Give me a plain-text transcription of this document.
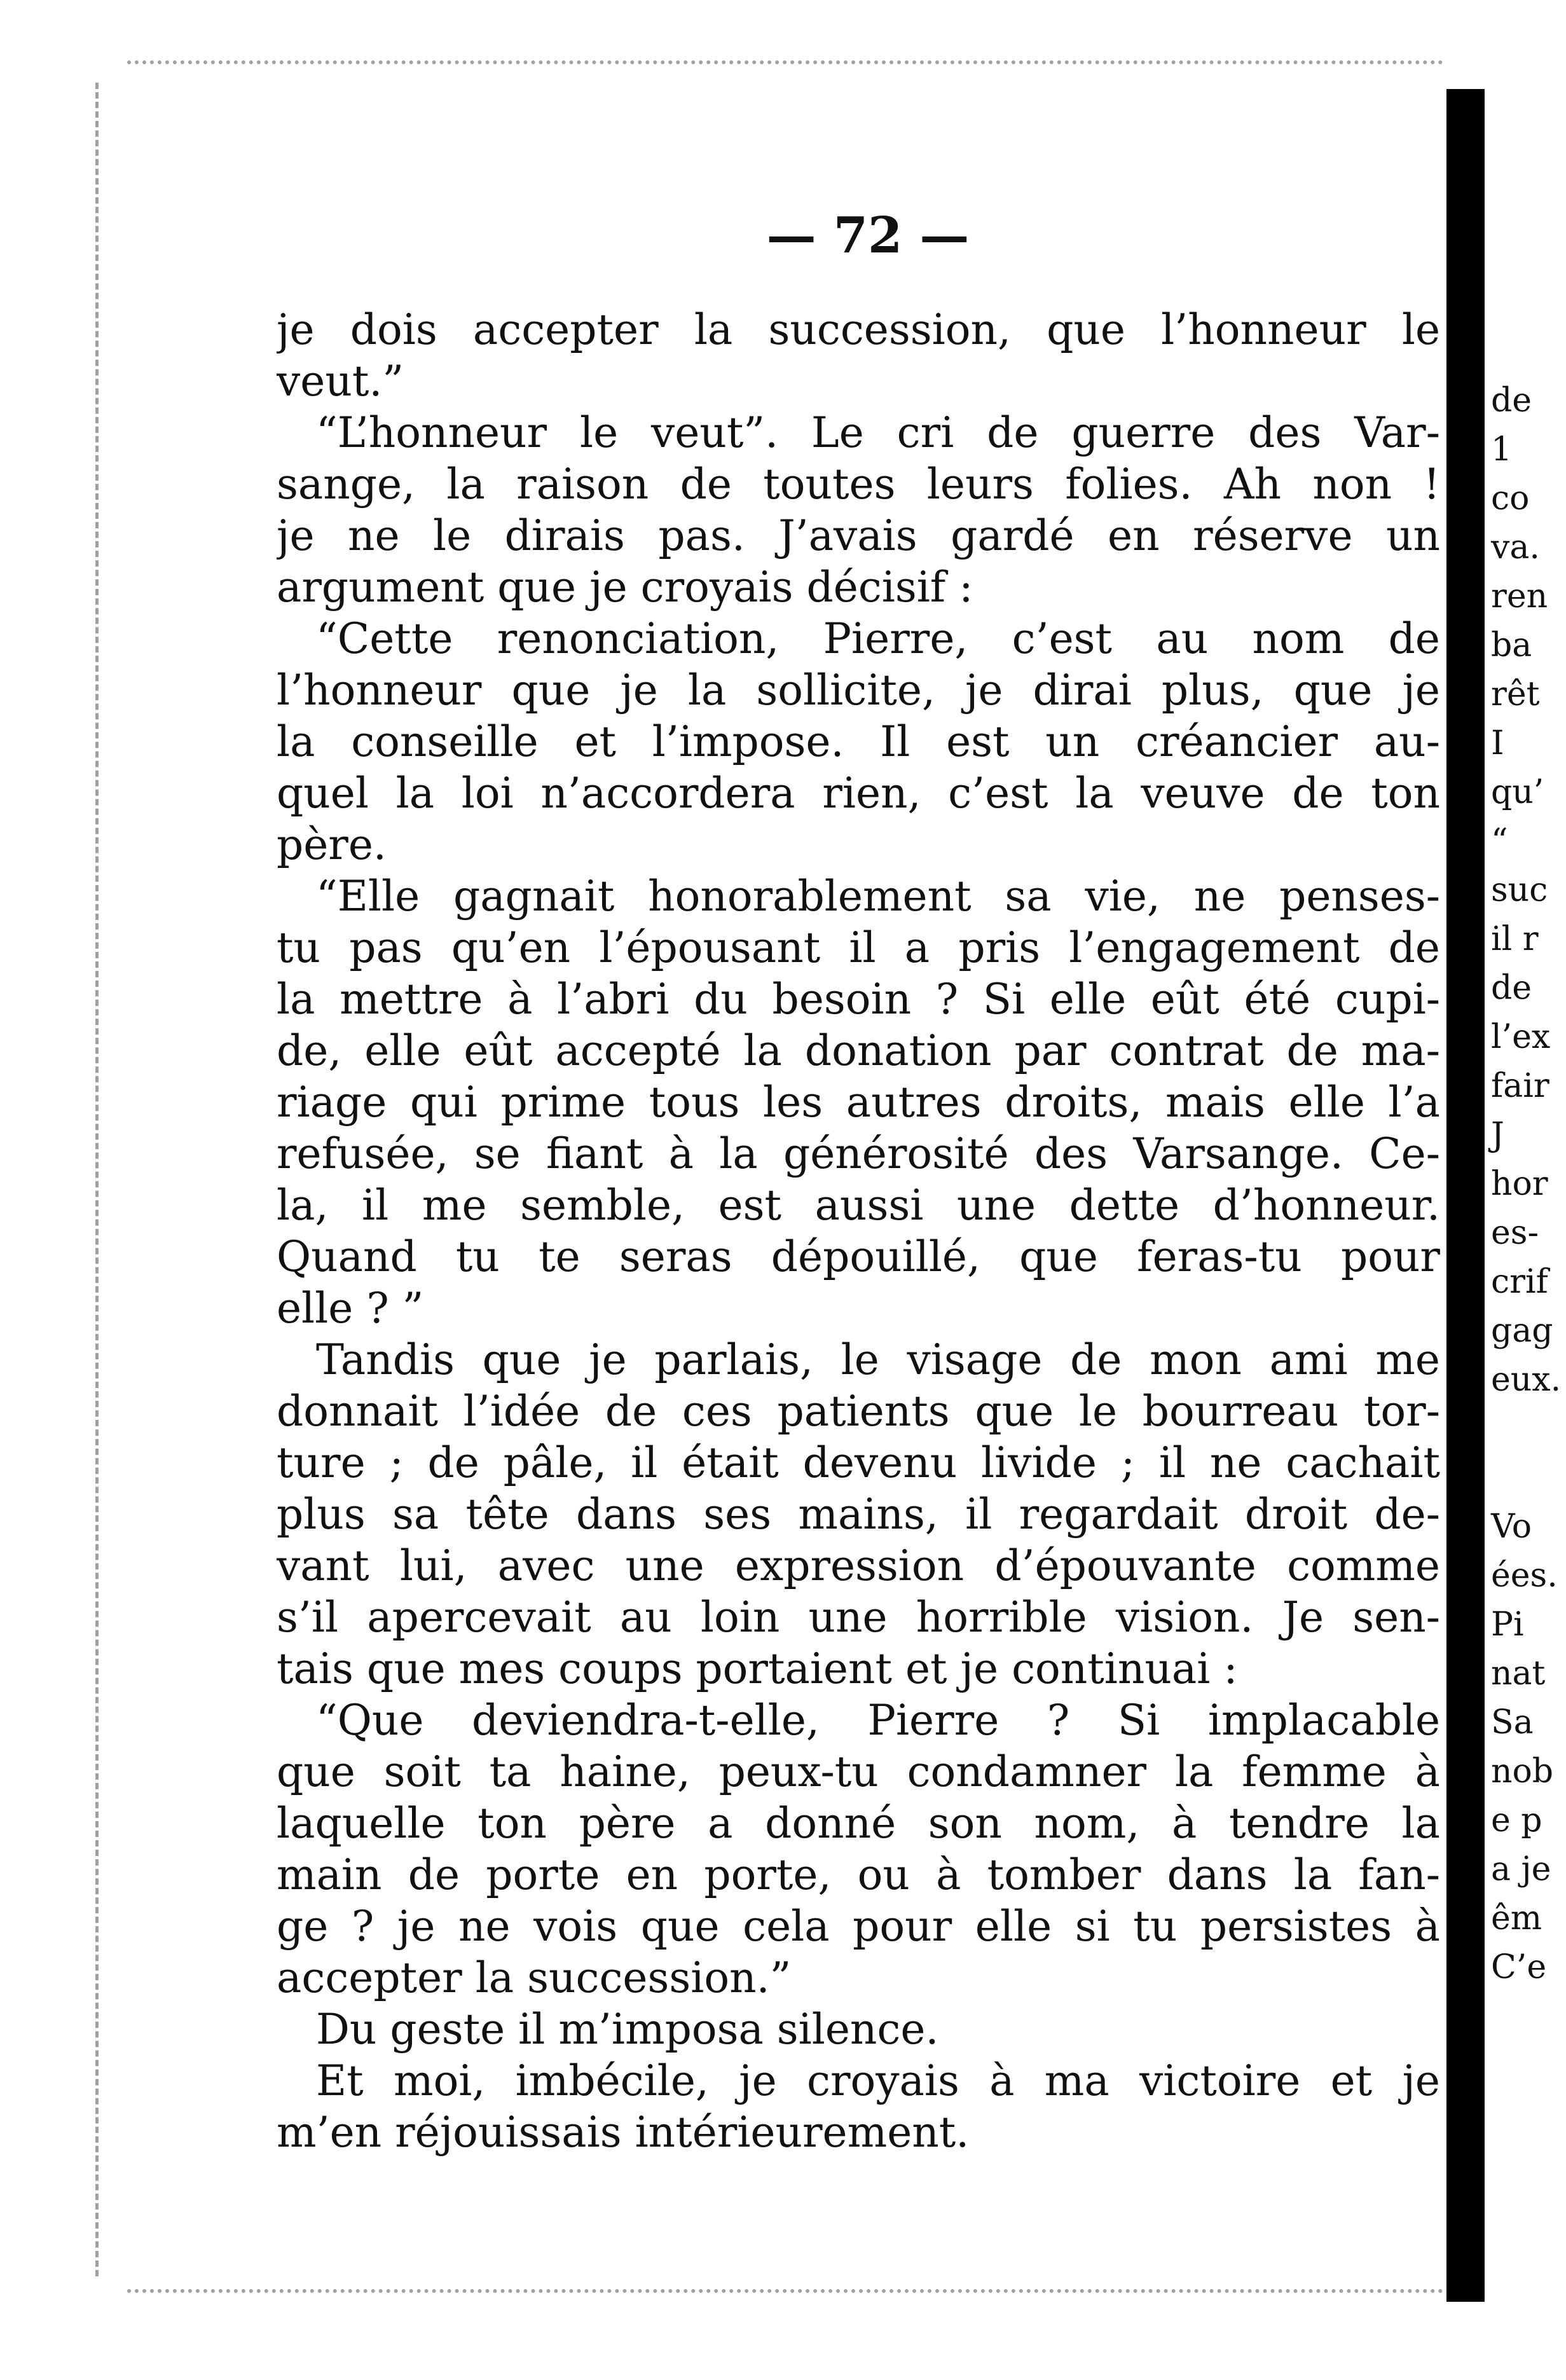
— 72 —
je dois accepter la succession, que l’honneur le
veut.”
“L’honneur le veut”. Le cri de guerre des Var-
sange, la raison de toutes leurs folies. Ah non !
je ne le dirais pas. J’avais gardé en réserve un
argument que je croyais décisif :
“Cette renonciation, Pierre, c’est au nom de
l’honneur que je la sollicite, je dirai plus, que je
la conseille et l’impose. Il est un créancier au-
quel la loi n’accordera rien, c’est la veuve de ton
père.
“Elle gagnait honorablement sa vie, ne penses-
tu pas qu’en l’épousant il a pris l’engagement de
la mettre à l’abri du besoin ? Si elle eût été cupi-
de, elle eût accepté la donation par contrat de ma-
riage qui prime tous les autres droits, mais elle l’a
refusée, se fiant à la générosité des Varsange. Ce-
la, il me semble, est aussi une dette d’honneur.
Quand tu te seras dépouillé, que feras-tu pour
elle ? ”
Tandis que je parlais, le visage de mon ami me
donnait l’idée de ces patients que le bourreau tor-
ture ; de pâle, il était devenu livide ; il ne cachait
plus sa tête dans ses mains, il regardait droit de-
vant lui, avec une expression d’épouvante comme
s’il apercevait au loin une horrible vision. Je sen-
tais que mes coups portaient et je continuai :
“Que deviendra-t-elle, Pierre ? Si implacable
que soit ta haine, peux-tu condamner la femme à
laquelle ton père a donné son nom, à tendre la
main de porte en porte, ou à tomber dans la fan-
ge ? je ne vois que cela pour elle si tu persistes à
accepter la succession.”
Du geste il m’imposa silence.
Et moi, imbécile, je croyais à ma victoire et je
m’en réjouissais intérieurement.
de
1
co
va.
ren
ba
rêt
I
qu’
“
suc
il r
de
l’ex
fair
J
hor
es-
crif
gag
eux.
Vo
ées.
Pi
nat
Sa
nob
e p
a je
êm
C’e
